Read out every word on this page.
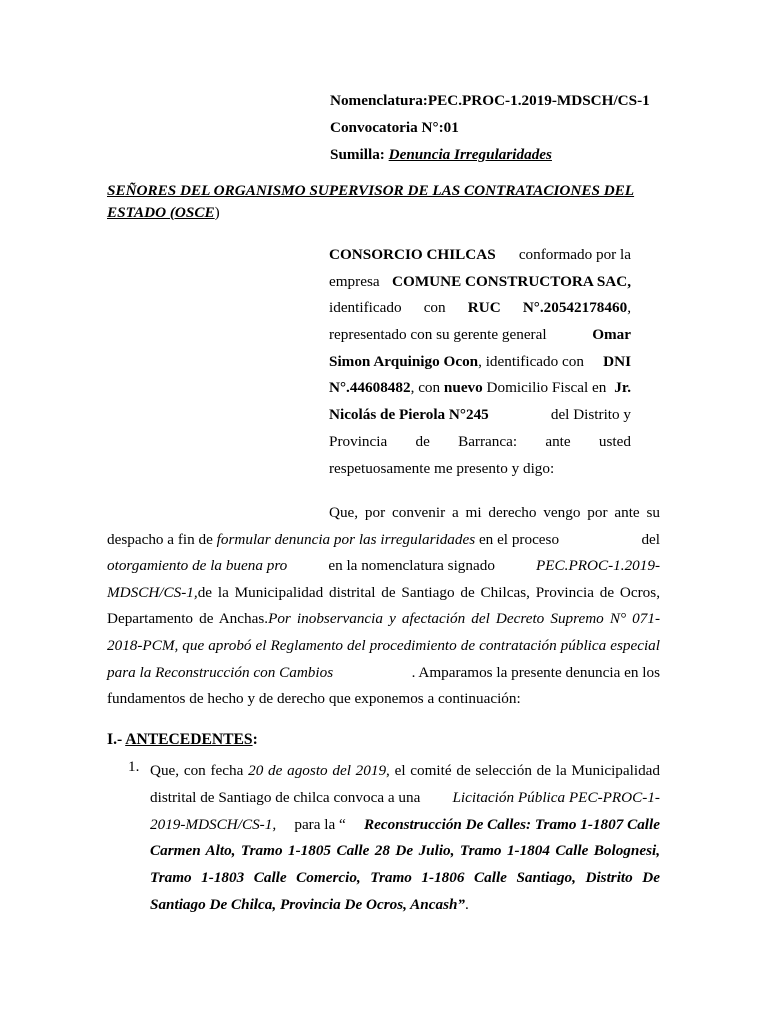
Nomenclatura:PEC.PROC-1.2019-MDSCH/CS-1
Convocatoria N°:01
Sumilla: Denuncia Irregularidades
SEÑORES DEL ORGANISMO SUPERVISOR DE LAS CONTRATACIONES DEL
ESTADO (OSCE)
CONSORCIO CHILCAS conformado por la
empresa COMUNE CONSTRUCTORA SAC,
identificado con RUC N°.20542178460,
representado con su gerente general	Omar
Simon Arquinigo Ocon, identificado con DNI
N°.44608482, con nuevo Domicilio Fiscal en Jr.
Nicolás de Pierola N°245	del Distrito y
Provincia de Barranca: ante usted
respetuosamente me presento y digo:
Que, por convenir a mi derecho vengo por ante su
despacho a fin de formular denuncia por las irregularidades en el proceso	del
otorgamiento de la buena pro	en la nomenclatura signado	PEC.PROC-1.2019-
MDSCH/CS-1,de la Municipalidad distrital de Santiago de Chilcas, Provincia de Ocros,
Departamento de Anchas.Por inobservancia y afectación del Decreto Supremo N° 071-
2018-PCM, que aprobó el Reglamento del procedimiento de contratación pública especial
para la Reconstrucción con Cambios	. Amparamos la presente denuncia en los
fundamentos de hecho y de derecho que exponemos a continuación:
I.- ANTECEDENTES:
1. Que, con fecha 20 de agosto del 2019, el comité de selección de la Municipalidad
distrital de Santiago de chilca convoca a una Licitación Pública PEC-PROC-1-
2019-MDSCH/CS-1, para la “ Reconstrucción De Calles: Tramo 1-1807 Calle
Carmen Alto, Tramo 1-1805 Calle 28 De Julio, Tramo 1-1804 Calle Bolognesi,
Tramo 1-1803 Calle Comercio, Tramo 1-1806 Calle Santiago, Distrito De
Santiago De Chilca, Provincia De Ocros, Ancash” .
